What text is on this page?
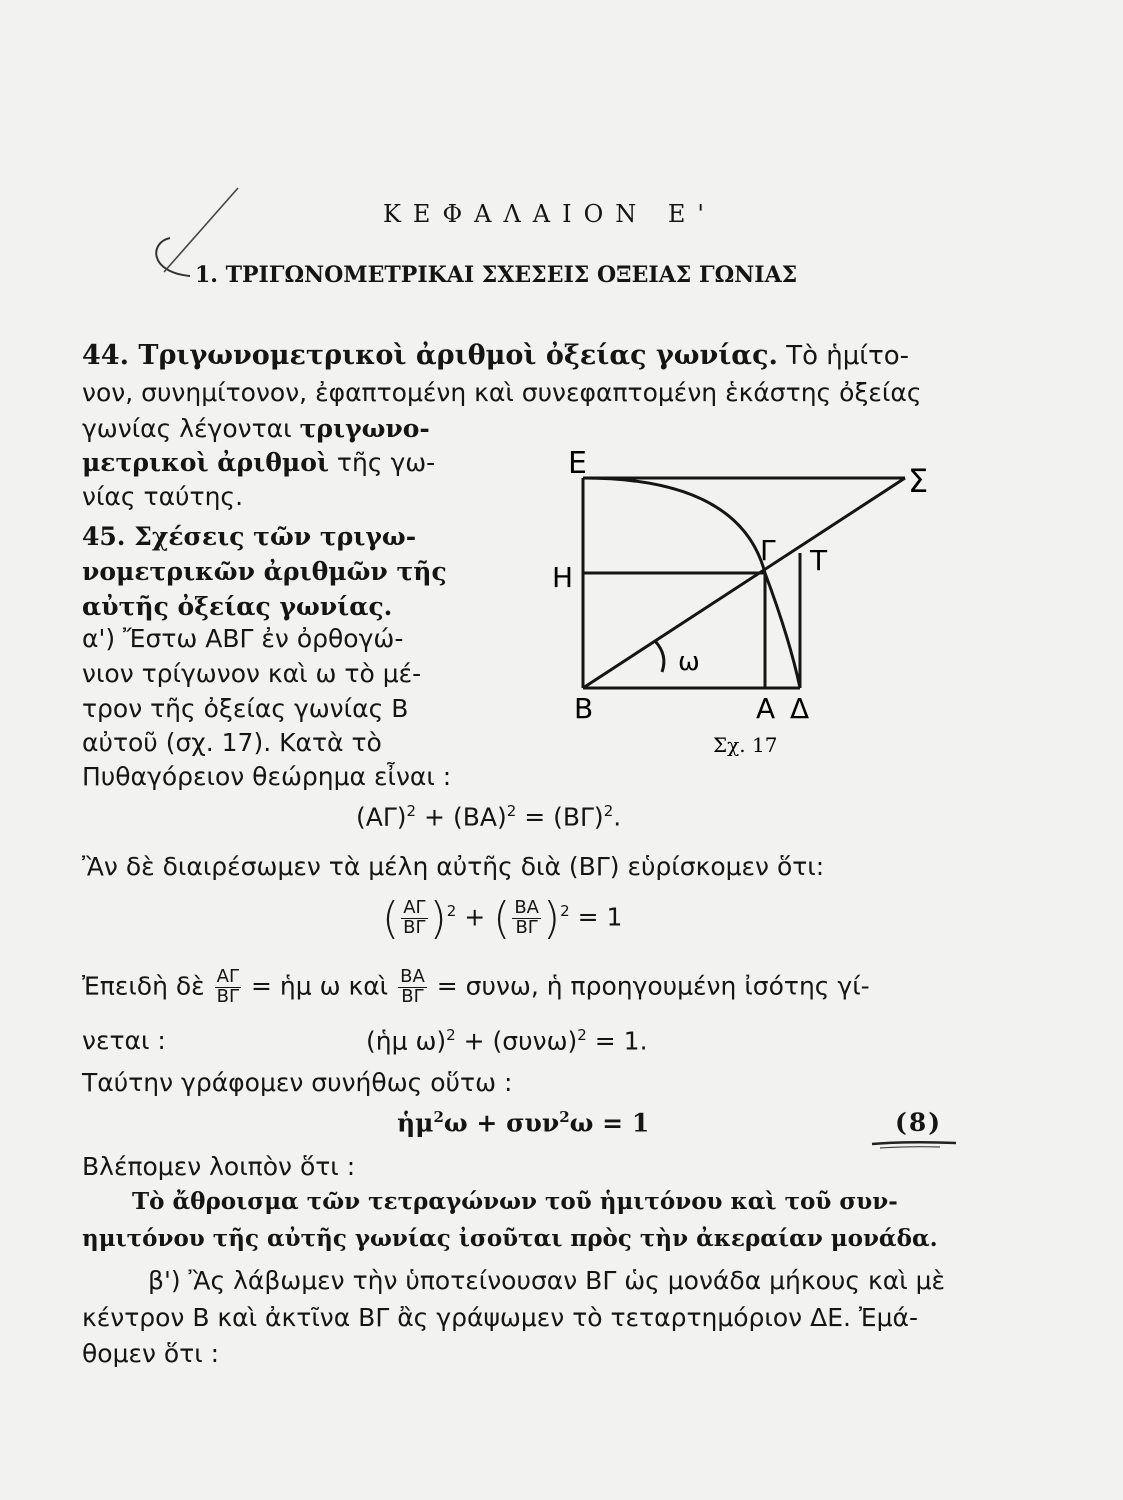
ΚΕΦΑΛΑΙΟΝ Ε'
1. ΤΡΙΓΩΝΟΜΕΤΡΙΚΑΙ ΣΧΕΣΕΙΣ ΟΞΕΙΑΣ ΓΩΝΙΑΣ
44. Τριγωνομετρικοὶ ἀριθμοὶ ὀξείας γωνίας. Τὸ ἡμίτο-
νον, συνημίτονον, ἐφαπτομένη καὶ συνεφαπτομένη ἑκάστης ὀξείας
γωνίας λέγονται τριγωνο-
μετρικοὶ ἀριθμοὶ τῆς γω-
νίας ταύτης.
45. Σχέσεις τῶν τριγω-
νομετρικῶν ἀριθμῶν τῆς
αὐτῆς ὀξείας γωνίας.
α') Ἔστω ΑΒΓ ἐν ὀρθογώ-
νιον τρίγωνον καὶ ω τὸ μέ-
τρον τῆς ὀξείας γωνίας Β
αὐτοῦ (σχ. 17). Κατὰ τὸ
Πυθαγόρειον θεώρημα εἶναι :
Ε	Σ
Γ Τ
Η
Β	Α Δ
ω
Σχ. 17
$(A\Gamma)^2 + (BA)^2 = (B\Gamma)^2$.
Ἂν δὲ διαιρέσωμεν τὰ μέλη αὐτῆς διὰ (ΒΓ) εὑρίσκομεν ὅτι:
( $\frac{A\Gamma}{B\Gamma} )^2$ + ( $\frac{BA}{B\Gamma} )^2 = 1$
Ἐπειδὴ δὲ $\frac{A\Gamma}{B\Gamma}$ = ἡμ ω καὶ $\frac{BA}{B\Gamma} = \sigma\upsilon\nu\omega$, ἡ προηγουμένη ἰσότης γί-
νεται :	(ἡμ $\omega)^2 + (\sigma\upsilon\nu\omega)^2 = 1$.
Ταύτην γράφομεν συνήθως οὕτω :
ἡμ$^2$ω + συν$^2$ω = 1	(8)
Βλέπομεν λοιπὸν ὅτι :
Τὸ ἄθροισμα τῶν τετραγώνων τοῦ ἡμιτόνου καὶ τοῦ συν-
ημιτόνου τῆς αὐτῆς γωνίας ἰσοῦται πρὸς τὴν ἀκεραίαν μονάδα.
β') Ἂς λάβωμεν τὴν ὑποτείνουσαν ΒΓ ὡς μονάδα μήκους καὶ μὲ
κέντρον Β καὶ ἀκτῖνα ΒΓ ἂς γράψωμεν τὸ τεταρτημόριον ΔΕ. Ἐμά-
θομεν ὅτι :
